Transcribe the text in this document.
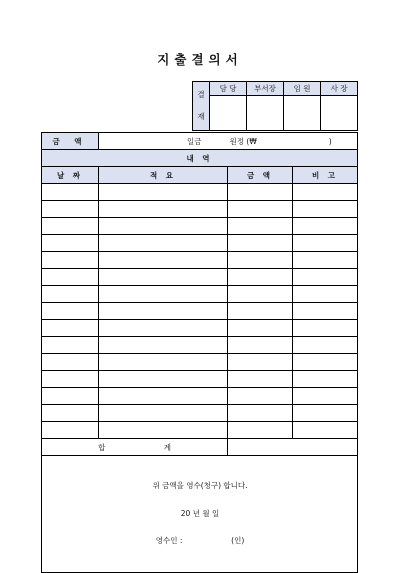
지출결의서
결
재	담 당	부서장	임 원	사 장

금 액	일금 원정 (₩ )		
내 역			
날 짜	적 요	금 액	비 고

합 계			

위 금액을 영수(청구) 합니다.
20 년 월 일
영수인 : (인)			
